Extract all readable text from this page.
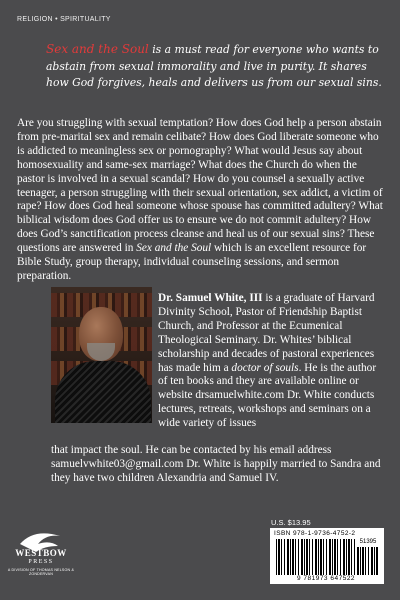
RELIGION • SPIRITUALITY
Sex and the Soul is a must read for everyone who wants to abstain from sexual immorality and live in purity. It shares how God forgives, heals and delivers us from our sexual sins.
Are you struggling with sexual temptation? How does God help a person abstain from pre-marital sex and remain celibate? How does God liberate someone who is addicted to meaningless sex or pornography? What would Jesus say about homosexuality and same-sex marriage? What does the Church do when the pastor is involved in a sexual scandal? How do you counsel a sexually active teenager, a person struggling with their sexual orientation, sex addict, a victim of rape? How does God heal someone whose spouse has committed adultery? What biblical wisdom does God offer us to ensure we do not commit adultery? How does God’s sanctification process cleanse and heal us of our sexual sins? These questions are answered in Sex and the Soul which is an excellent resource for Bible Study, group therapy, individual counseling sessions, and sermon preparation.
Dr. Samuel White, III is a graduate of Harvard Divinity School, Pastor of Friendship Baptist Church, and Professor at the Ecumenical Theological Seminary. Dr. Whites’ biblical scholarship and decades of pastoral experiences has made him a doctor of souls. He is the author of ten books and they are available online or website drsamuelwhite.com Dr. White conducts lectures, retreats, workshops and seminars on a wide variety of issues
that impact the soul. He can be contacted by his email address samuelvwhite03@gmail.com Dr. White is happily married to Sandra and they have two children Alexandria and Samuel IV.
U.S. $13.95
ISBN 978-1-9736-4752-2
51395
9 781973 647522
WESTBOW
PRESS
A DIVISION OF THOMAS NELSON & ZONDERVAN
